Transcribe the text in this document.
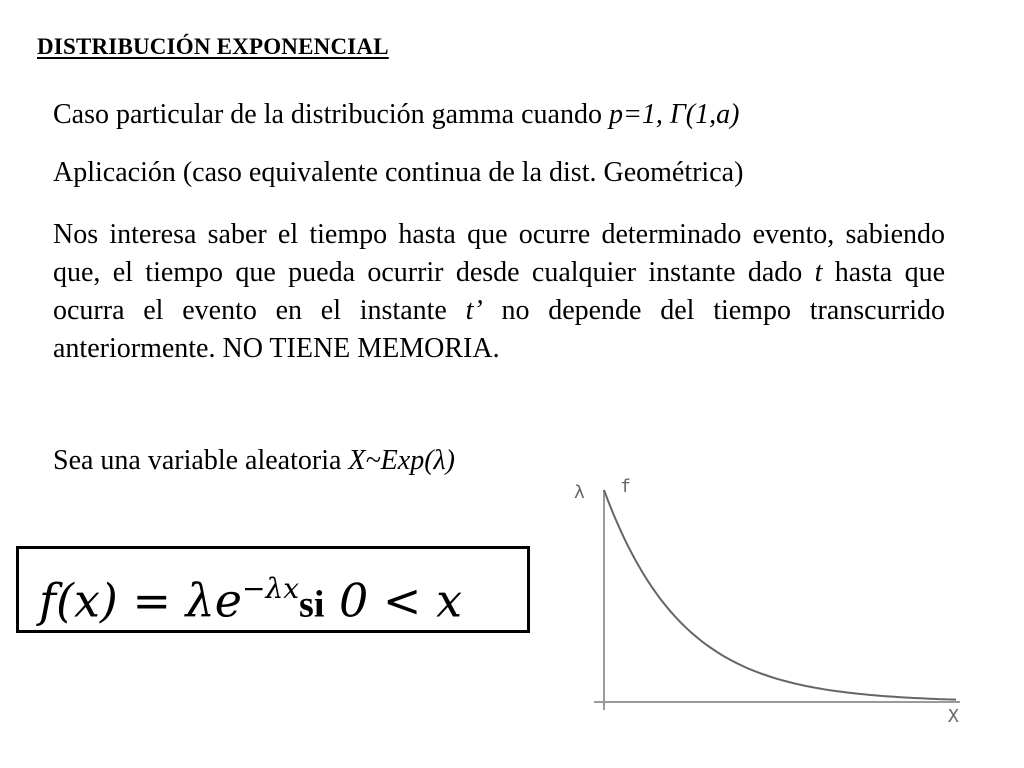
DISTRIBUCIÓN EXPONENCIAL

Caso particular de la distribución gamma cuando p=1, Γ(1,a)

Aplicación (caso equivalente continua de la dist. Geométrica)

Nos interesa saber el tiempo hasta que ocurre determinado evento, sabiendo que, el tiempo que pueda ocurrir desde cualquier instante dado t hasta que ocurra el evento en el instante t’ no depende del tiempo transcurrido anteriormente. NO TIENE MEMORIA.

Sea una variable aleatoria X~Exp(λ)

$f(x) = \lambda e^{-\lambda x}si$ 0 < x
λ f
X
